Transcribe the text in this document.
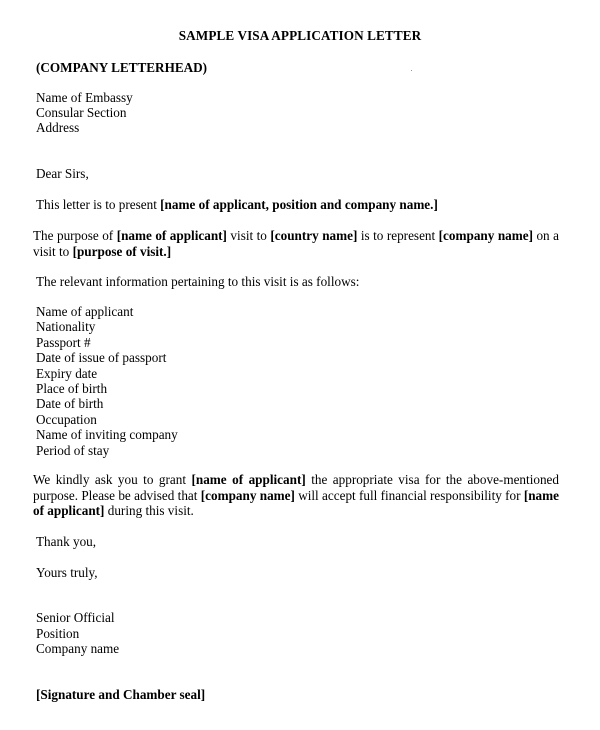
SAMPLE VISA APPLICATION LETTER
(COMPANY LETTERHEAD)
Name of Embassy
Consular Section
Address
Dear Sirs,
This letter is to present [name of applicant, position and company name.]
The purpose of [name of applicant] visit to [country name] is to represent [company name] on a visit to [purpose of visit.]
The relevant information pertaining to this visit is as follows:
Name of applicant
Nationality
Passport #
Date of issue of passport
Expiry date
Place of birth
Date of birth
Occupation
Name of inviting company
Period of stay
We kindly ask you to grant [name of applicant] the appropriate visa for the above-mentioned purpose. Please be advised that [company name] will accept full financial responsibility for [name of applicant] during this visit.
Thank you,
Yours truly,
Senior Official
Position
Company name
[Signature and Chamber seal]
